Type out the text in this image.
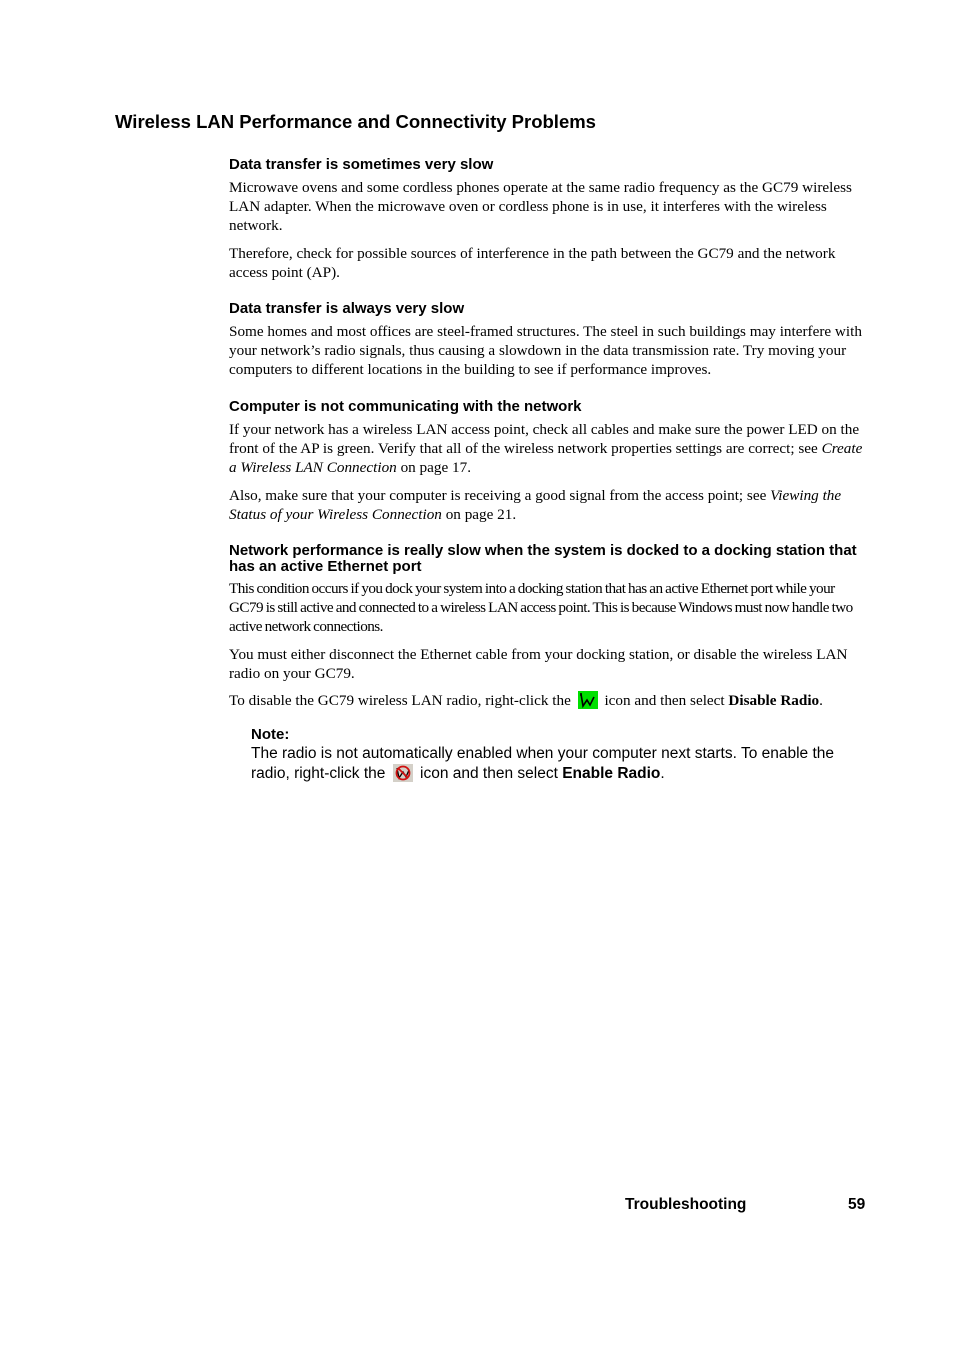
Wireless LAN Performance and Connectivity Problems
Data transfer is sometimes very slow

Microwave ovens and some cordless phones operate at the same radio frequency as the GC79 wireless LAN adapter. When the microwave oven or cordless phone is in use, it interferes with the wireless network.

Therefore, check for possible sources of interference in the path between the GC79 and the network access point (AP).

Data transfer is always very slow

Some homes and most offices are steel-framed structures. The steel in such buildings may interfere with your network’s radio signals, thus causing a slowdown in the data transmission rate. Try moving your computers to different locations in the building to see if performance improves.

Computer is not communicating with the network

If your network has a wireless LAN access point, check all cables and make sure the power LED on the front of the AP is green. Verify that all of the wireless network properties settings are correct; see Create a Wireless LAN Connection on page 17.

Also, make sure that your computer is receiving a good signal from the access point; see Viewing the Status of your Wireless Connection on page 21.

Network performance is really slow when the system is docked to a docking station that has an active Ethernet port

This condition occurs if you dock your system into a docking station that has an active Ethernet port while your GC79 is still active and connected to a wireless LAN access point. This is because Windows must now handle two active network connections.

You must either disconnect the Ethernet cable from your docking station, or disable the wireless LAN radio on your GC79.

To disable the GC79 wireless LAN radio, right-click the icon and then select Disable Radio.

Note:

The radio is not automatically enabled when your computer next starts. To enable the radio, right-click the icon and then select Enable Radio.

Troubleshooting	59
